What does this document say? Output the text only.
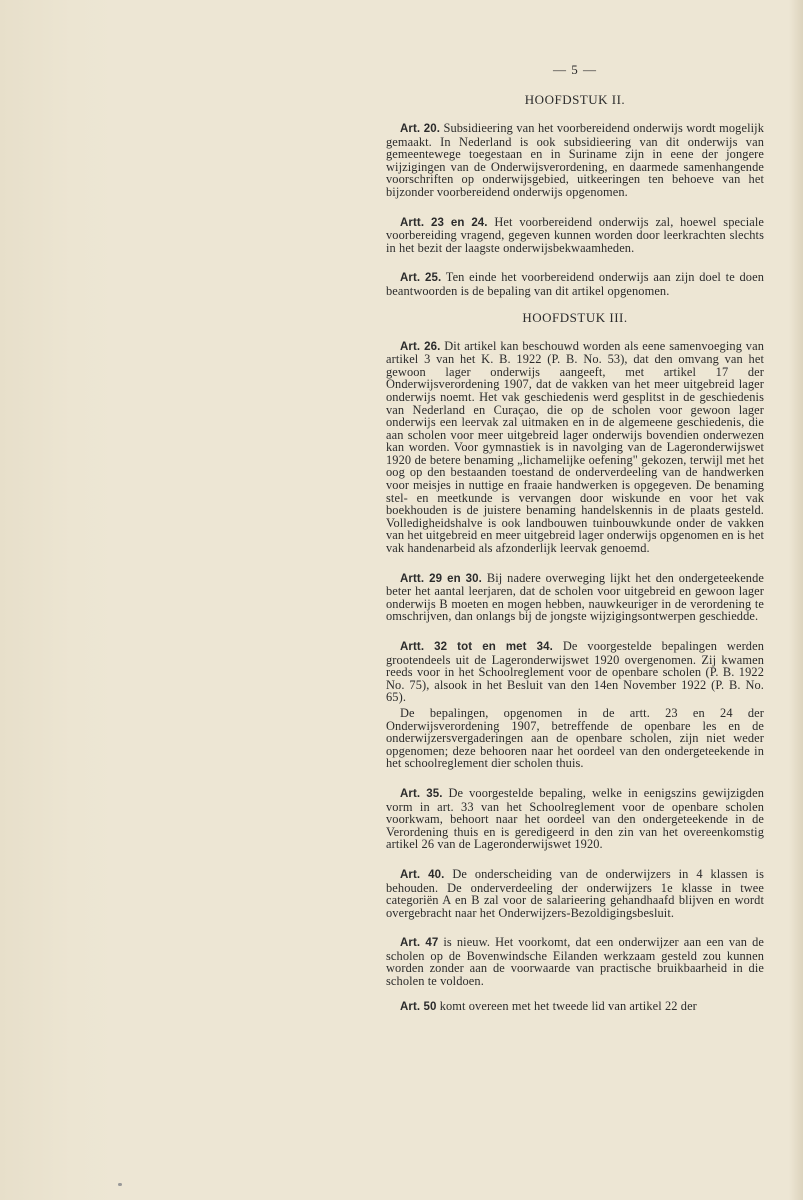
— 5 —
HOOFDSTUK II.

Art. 20. Subsidieering van het voorbereidend onderwijs wordt mogelijk gemaakt. In Nederland is ook subsidieering van dit onderwijs van gemeentewege toegestaan en in Suriname zijn in eene der jongere wijzigingen van de Onderwijsverordening, en daarmede samenhangende voorschriften op onderwijsgebied, uitkeeringen ten behoeve van het bijzonder voorbereidend onderwijs opgenomen.

Artt. 23 en 24. Het voorbereidend onderwijs zal, hoewel speciale voorbereiding vragend, gegeven kunnen worden door leerkrachten slechts in het bezit der laagste onderwijsbekwaamheden.

Art. 25. Ten einde het voorbereidend onderwijs aan zijn doel te doen beantwoorden is de bepaling van dit artikel opgenomen.

HOOFDSTUK III.

Art. 26. Dit artikel kan beschouwd worden als eene samenvoeging van artikel 3 van het K. B. 1922 (P. B. No. 53), dat den omvang van het gewoon lager onderwijs aangeeft, met artikel 17 der Onderwijsverordening 1907, dat de vakken van het meer uitgebreid lager onderwijs noemt. Het vak geschiedenis werd gesplitst in de geschiedenis van Nederland en Curaçao, die op de scholen voor gewoon lager onderwijs een leervak zal uitmaken en in de algemeene geschiedenis, die aan scholen voor meer uitgebreid lager onderwijs bovendien onderwezen kan worden. Voor gymnastiek is in navolging van de Lageronderwijswet 1920 de betere benaming „lichamelijke oefening" gekozen, terwijl met het oog op den bestaanden toestand de onderverdeeling van de handwerken voor meisjes in nuttige en fraaie handwerken is opgegeven. De benaming stel- en meetkunde is vervangen door wiskunde en voor het vak boekhouden is de juistere benaming handelskennis in de plaats gesteld. Volledigheidshalve is ook landbouwen tuinbouwkunde onder de vakken van het uitgebreid en meer uitgebreid lager onderwijs opgenomen en is het vak handenarbeid als afzonderlijk leervak genoemd.

Artt. 29 en 30. Bij nadere overweging lijkt het den ondergeteekende beter het aantal leerjaren, dat de scholen voor uitgebreid en gewoon lager onderwijs B moeten en mogen hebben, nauwkeuriger in de verordening te omschrijven, dan onlangs bij de jongste wijzigingsontwerpen geschiedde.

Artt. 32 tot en met 34. De voorgestelde bepalingen werden grootendeels uit de Lageronderwijswet 1920 overgenomen. Zij kwamen reeds voor in het Schoolreglement voor de openbare scholen (P. B. 1922 No. 75), alsook in het Besluit van den 14en November 1922 (P. B. No. 65).

De bepalingen, opgenomen in de artt. 23 en 24 der Onderwijsverordening 1907, betreffende de openbare les en de onderwijzersvergaderingen aan de openbare scholen, zijn niet weder opgenomen; deze behooren naar het oordeel van den ondergeteekende in het schoolreglement dier scholen thuis.

Art. 35. De voorgestelde bepaling, welke in eenigszins gewijzigden vorm in art. 33 van het Schoolreglement voor de openbare scholen voorkwam, behoort naar het oordeel van den ondergeteekende in de Verordening thuis en is geredigeerd in den zin van het overeenkomstig artikel 26 van de Lageronderwijswet 1920.

Art. 40. De onderscheiding van de onderwijzers in 4 klassen is behouden. De onderverdeeling der onderwijzers 1e klasse in twee categoriën A en B zal voor de salarieering gehandhaafd blijven en wordt overgebracht naar het Onderwijzers-Bezoldigingsbesluit.

Art. 47 is nieuw. Het voorkomt, dat een onderwijzer aan een van de scholen op de Bovenwindsche Eilanden werkzaam gesteld zou kunnen worden zonder aan de voorwaarde van practische bruikbaarheid in die scholen te voldoen.

Art. 50 komt overeen met het tweede lid van artikel 22 der
